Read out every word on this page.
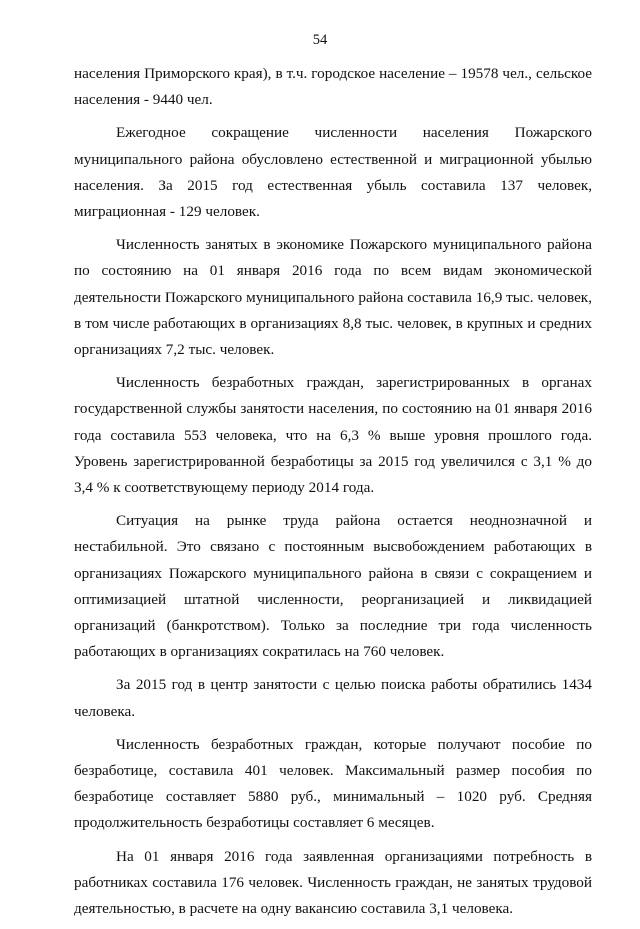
54

населения Приморского края), в т.ч. городское население – 19578 чел., сельское населения - 9440 чел.

Ежегодное сокращение численности населения Пожарского муниципального района обусловлено естественной и миграционной убылью населения. За 2015 год естественная убыль составила 137 человек, миграционная - 129 человек.

Численность занятых в экономике Пожарского муниципального района по состоянию на 01 января 2016 года по всем видам экономической деятельности Пожарского муниципального района составила 16,9 тыс. человек, в том числе работающих в организациях 8,8 тыс. человек, в крупных и средних организациях 7,2 тыс. человек.

Численность безработных граждан, зарегистрированных в органах государственной службы занятости населения, по состоянию на 01 января 2016 года составила 553 человека, что на 6,3 % выше уровня прошлого года. Уровень зарегистрированной безработицы за 2015 год увеличился с 3,1 % до 3,4 % к соответствующему периоду 2014 года.

Ситуация на рынке труда района остается неоднозначной и нестабильной. Это связано с постоянным высвобождением работающих в организациях Пожарского муниципального района в связи с сокращением и оптимизацией штатной численности, реорганизацией и ликвидацией организаций (банкротством). Только за последние три года численность работающих в организациях сократилась на 760 человек.

За 2015 год в центр занятости с целью поиска работы обратились 1434 человека.

Численность безработных граждан, которые получают пособие по безработице, составила 401 человек. Максимальный размер пособия по безработице составляет 5880 руб., минимальный – 1020 руб. Средняя продолжительность безработицы составляет 6 месяцев.

На 01 января 2016 года заявленная организациями потребность в работниках составила 176 человек. Численность граждан, не занятых трудовой деятельностью, в расчете на одну вакансию составила 3,1 человека.
